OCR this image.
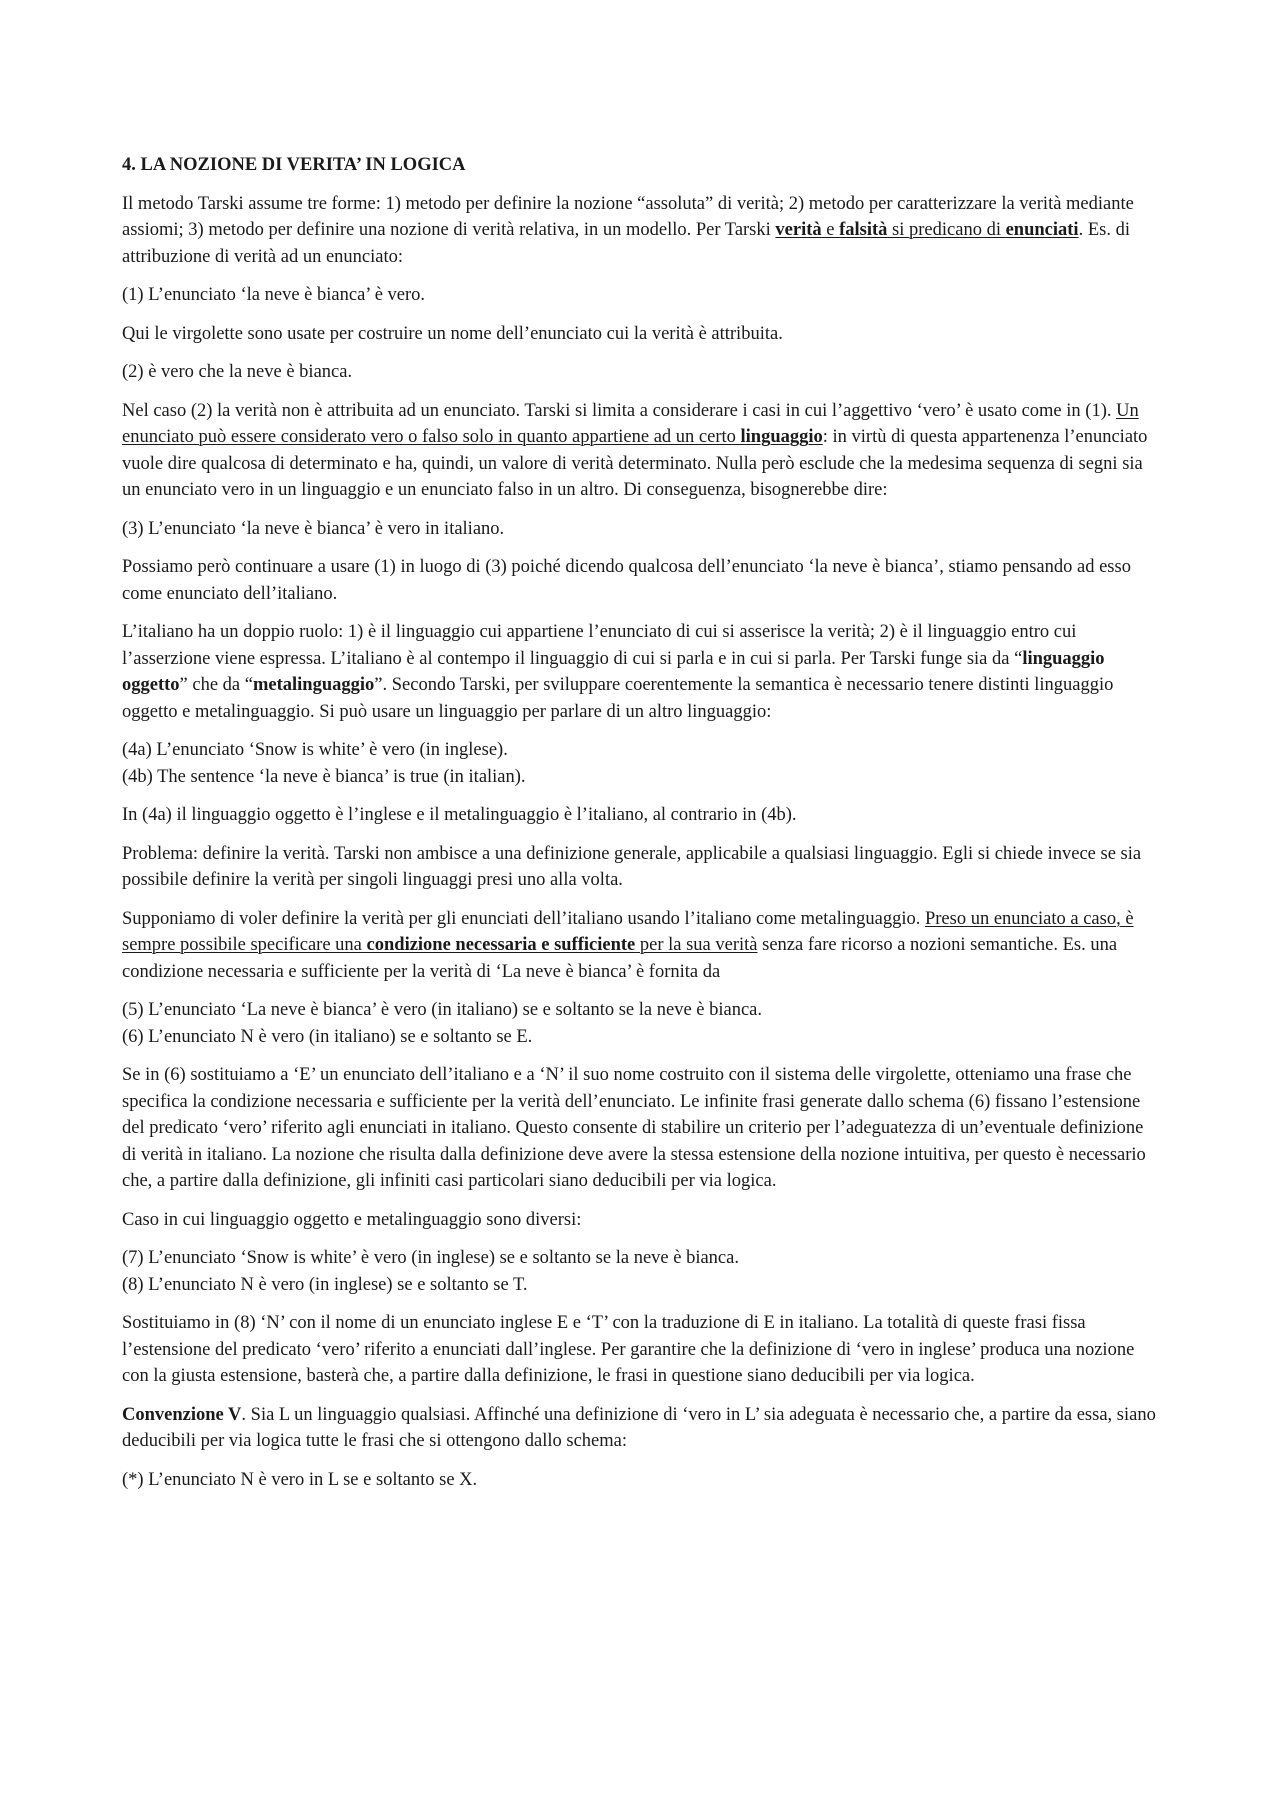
4. LA NOZIONE DI VERITA’ IN LOGICA

Il metodo Tarski assume tre forme: 1) metodo per definire la nozione “assoluta” di verità; 2) metodo per caratterizzare la verità mediante assiomi; 3) metodo per definire una nozione di verità relativa, in un modello. Per Tarski verità e falsità si predicano di enunciati. Es. di attribuzione di verità ad un enunciato:

(1) L’enunciato ‘la neve è bianca’ è vero.

Qui le virgolette sono usate per costruire un nome dell’enunciato cui la verità è attribuita.

(2) è vero che la neve è bianca.

Nel caso (2) la verità non è attribuita ad un enunciato. Tarski si limita a considerare i casi in cui l’aggettivo ‘vero’ è usato come in (1). Un enunciato può essere considerato vero o falso solo in quanto appartiene ad un certo linguaggio: in virtù di questa appartenenza l’enunciato vuole dire qualcosa di determinato e ha, quindi, un valore di verità determinato. Nulla però esclude che la medesima sequenza di segni sia un enunciato vero in un linguaggio e un enunciato falso in un altro. Di conseguenza, bisognerebbe dire:

(3) L’enunciato ‘la neve è bianca’ è vero in italiano.

Possiamo però continuare a usare (1) in luogo di (3) poiché dicendo qualcosa dell’enunciato ‘la neve è bianca’, stiamo pensando ad esso come enunciato dell’italiano.

L’italiano ha un doppio ruolo: 1) è il linguaggio cui appartiene l’enunciato di cui si asserisce la verità; 2) è il linguaggio entro cui l’asserzione viene espressa. L’italiano è al contempo il linguaggio di cui si parla e in cui si parla. Per Tarski funge sia da “linguaggio oggetto” che da “metalinguaggio”. Secondo Tarski, per sviluppare coerentemente la semantica è necessario tenere distinti linguaggio oggetto e metalinguaggio. Si può usare un linguaggio per parlare di un altro linguaggio:

(4a) L’enunciato ‘Snow is white’ è vero (in inglese).

(4b) The sentence ‘la neve è bianca’ is true (in italian).

In (4a) il linguaggio oggetto è l’inglese e il metalinguaggio è l’italiano, al contrario in (4b).

Problema: definire la verità. Tarski non ambisce a una definizione generale, applicabile a qualsiasi linguaggio. Egli si chiede invece se sia possibile definire la verità per singoli linguaggi presi uno alla volta.

Supponiamo di voler definire la verità per gli enunciati dell’italiano usando l’italiano come metalinguaggio. Preso un enunciato a caso, è sempre possibile specificare una condizione necessaria e sufficiente per la sua verità senza fare ricorso a nozioni semantiche. Es. una condizione necessaria e sufficiente per la verità di ‘La neve è bianca’ è fornita da

(5) L’enunciato ‘La neve è bianca’ è vero (in italiano) se e soltanto se la neve è bianca.

(6) L’enunciato N è vero (in italiano) se e soltanto se E.

Se in (6) sostituiamo a ‘E’ un enunciato dell’italiano e a ‘N’ il suo nome costruito con il sistema delle virgolette, otteniamo una frase che specifica la condizione necessaria e sufficiente per la verità dell’enunciato. Le infinite frasi generate dallo schema (6) fissano l’estensione del predicato ‘vero’ riferito agli enunciati in italiano. Questo consente di stabilire un criterio per l’adeguatezza di un’eventuale definizione di verità in italiano. La nozione che risulta dalla definizione deve avere la stessa estensione della nozione intuitiva, per questo è necessario che, a partire dalla definizione, gli infiniti casi particolari siano deducibili per via logica.

Caso in cui linguaggio oggetto e metalinguaggio sono diversi:

(7) L’enunciato ‘Snow is white’ è vero (in inglese) se e soltanto se la neve è bianca.

(8) L’enunciato N è vero (in inglese) se e soltanto se T.

Sostituiamo in (8) ‘N’ con il nome di un enunciato inglese E e ‘T’ con la traduzione di E in italiano. La totalità di queste frasi fissa l’estensione del predicato ‘vero’ riferito a enunciati dall’inglese. Per garantire che la definizione di ‘vero in inglese’ produca una nozione con la giusta estensione, basterà che, a partire dalla definizione, le frasi in questione siano deducibili per via logica.

Convenzione V. Sia L un linguaggio qualsiasi. Affinché una definizione di ‘vero in L’ sia adeguata è necessario che, a partire da essa, siano deducibili per via logica tutte le frasi che si ottengono dallo schema:

(*) L’enunciato N è vero in L se e soltanto se X.
